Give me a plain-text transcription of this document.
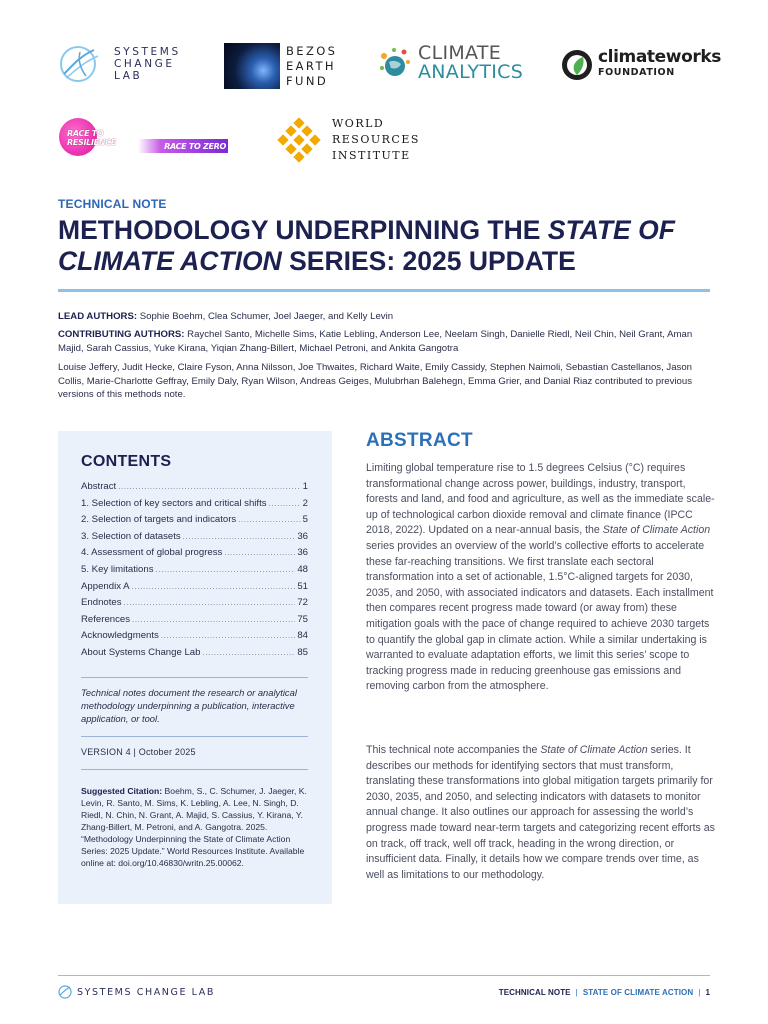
SYSTEMS
CHANGE
LAB
BEZOS
EARTH
FUND
CLIMATE
ANALYTICS
climateworks
FOUNDATION
RACE TO
RESILIENCE	RACE TO ZERO
WORLD
RESOURCES
INSTITUTE
TECHNICAL NOTE
METHODOLOGY UNDERPINNING THE STATE OF CLIMATE ACTION SERIES: 2025 UPDATE

LEAD AUTHORS: Sophie Boehm, Clea Schumer, Joel Jaeger, and Kelly Levin

CONTRIBUTING AUTHORS: Raychel Santo, Michelle Sims, Katie Lebling, Anderson Lee, Neelam Singh, Danielle Riedl, Neil Chin, Neil Grant, Aman Majid, Sarah Cassius, Yuke Kirana, Yiqian Zhang-Billert, Michael Petroni, and Ankita Gangotra

Louise Jeffery, Judit Hecke, Claire Fyson, Anna Nilsson, Joe Thwaites, Richard Waite, Emily Cassidy, Stephen Naimoli, Sebastian Castellanos, Jason Collis, Marie-Charlotte Geffray, Emily Daly, Ryan Wilson, Andreas Geiges, Mulubrhan Balehegn, Emma Grier, and Danial Riaz contributed to previous versions of this methods note.

CONTENTS
Abstract . . .	1
1. Selection of key sectors and critical shifts . . .	2
2. Selection of targets and indicators . . .	5
3. Selection of datasets . . .	36
4. Assessment of global progress . . .	36
5. Key limitations . . .	48
Appendix A . . .	51
Endnotes . . .	72
References . . .	75
Acknowledgments . . .	84
About Systems Change Lab . . .	85

Technical notes document the research or analytical methodology underpinning a publication, interactive application, or tool.

VERSION 4 | October 2025

Suggested Citation: Boehm, S., C. Schumer, J. Jaeger, K. Levin, R. Santo, M. Sims, K. Lebling, A. Lee, N. Singh, D. Riedl, N. Chin, N. Grant, A. Majid, S. Cassius, Y. Kirana, Y. Zhang-Billert, M. Petroni, and A. Gangotra. 2025. “Methodology Underpinning the State of Climate Action Series: 2025 Update.” World Resources Institute. Available online at: doi.org/10.46830/writn.25.00062.

ABSTRACT

Limiting global temperature rise to 1.5 degrees Celsius (°C) requires transformational change across power, buildings, industry, transport, forests and land, and food and agriculture, as well as the immediate scale-up of technological carbon dioxide removal and climate finance (IPCC 2018, 2022). Updated on a near-annual basis, the State of Climate Action series provides an overview of the world’s collective efforts to accelerate these far-reaching transitions. We first translate each sectoral transformation into a set of actionable, 1.5°C-aligned targets for 2030, 2035, and 2050, with associated indicators and datasets. Each installment then compares recent progress made toward (or away from) these mitigation goals with the pace of change required to achieve 2030 targets to quantify the global gap in climate action. While a similar undertaking is warranted to evaluate adaptation efforts, we limit this series’ scope to tracking progress made in reducing greenhouse gas emissions and removing carbon from the atmosphere.

This technical note accompanies the State of Climate Action series. It describes our methods for identifying sectors that must transform, translating these transformations into global mitigation targets primarily for 2030, 2035, and 2050, and selecting indicators with datasets to monitor annual change. It also outlines our approach for assessing the world’s progress made toward near-term targets and categorizing recent efforts as on track, off track, well off track, heading in the wrong direction, or insufficient data. Finally, it details how we compare trends over time, as well as limitations to our methodology.

SYSTEMS CHANGE LAB	TECHNICAL NOTE | STATE OF CLIMATE ACTION | 1
